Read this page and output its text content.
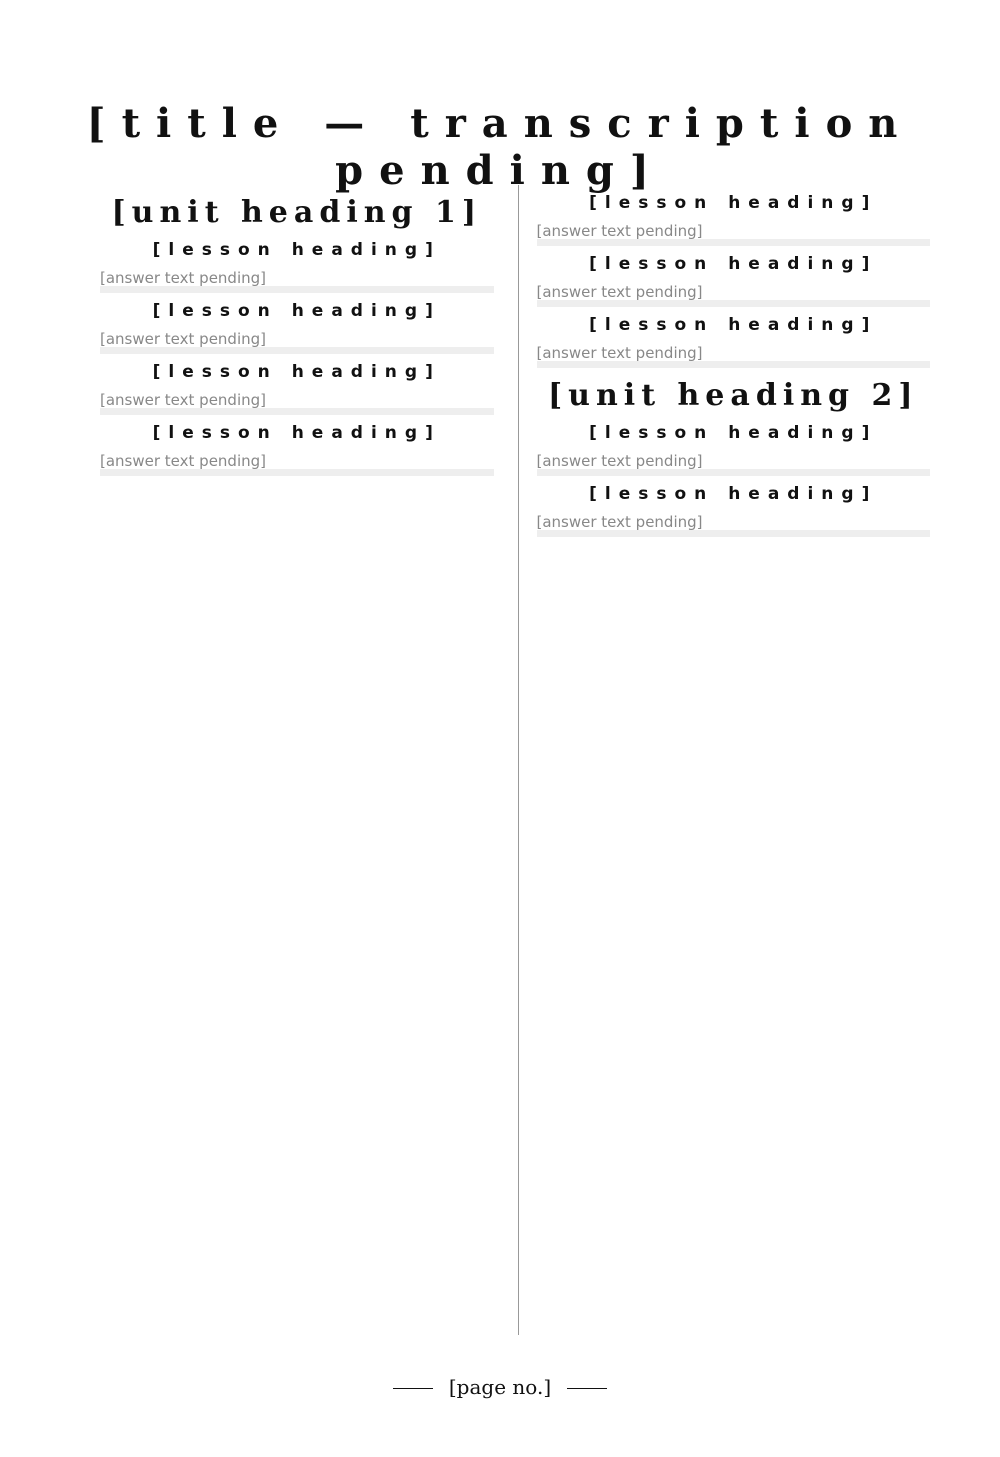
[title — transcription pending]
[unit heading 1]
[lesson heading]

[answer text pending]

[lesson heading]

[answer text pending]

[lesson heading]

[answer text pending]

[lesson heading]

[answer text pending]

[lesson heading]

[answer text pending]

[lesson heading]

[answer text pending]

[lesson heading]

[answer text pending]

[unit heading 2]
[lesson heading]

[answer text pending]

[lesson heading]

[answer text pending]

[page no.]
